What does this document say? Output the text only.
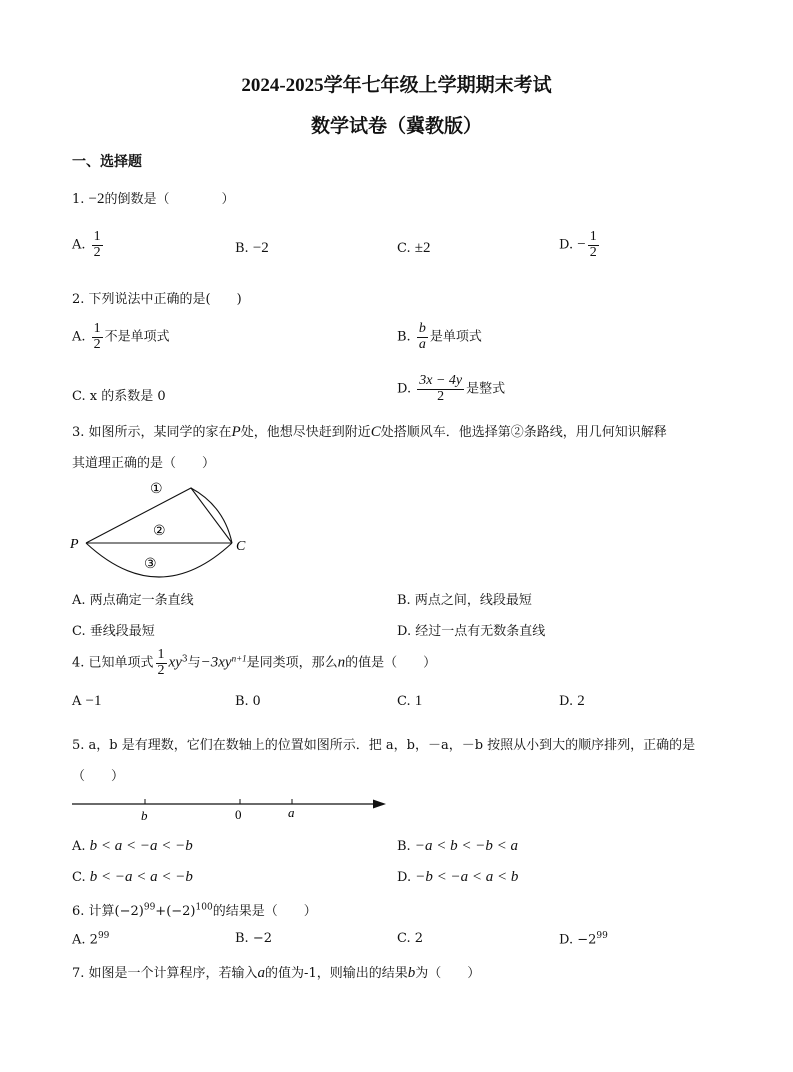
2024-2025学年七年级上学期期末考试
数学试卷（冀教版）
一、选择题
1. −2的倒数是（　　　　）
A. $\frac{1}{2}$	B. −2	C. ±2	D. − $\frac{1}{2}$
2. 下列说法中正确的是(　　)
A. $\frac{1}{2}$ 不是单项式	B. $\frac{b}{a}$ 是单项式
C. x 的系数是 0	D. $\frac{3x - 4y}{2}$ 是整式
3. 如图所示，某同学的家在P处，他想尽快赶到附近C处搭顺风车．他选择第②条路线，用几何知识解释
其道理正确的是（　　）
P	C
①
②
③
A. 两点确定一条直线	B. 两点之间，线段最短
C. 垂线段最短	D. 经过一点有无数条直线
4. 已知单项式 $\frac{1}{2} xy^3$与$-3xy^{n+1}$是同类项，那么n的值是（　　）
A −1	B. 0	C. 1	D. 2
5. a，b 是有理数，它们在数轴上的位置如图所示．把 a，b，－a，－b 按照从小到大的顺序排列，正确的是
（　　）
b	0	a
A. b < a < −a < −b	B. −a < b < −b < a
C. b < −a < a < −b	D. −b < −a < a < b
6. 计算$(-2)^{99}+(-2)^{100}$的结果是（　　）
A. $2^{99}$	B. −2	C. 2	D. $-2^{99}$
7. 如图是一个计算程序，若输入a的值为-1，则输出的结果b为（　　）
